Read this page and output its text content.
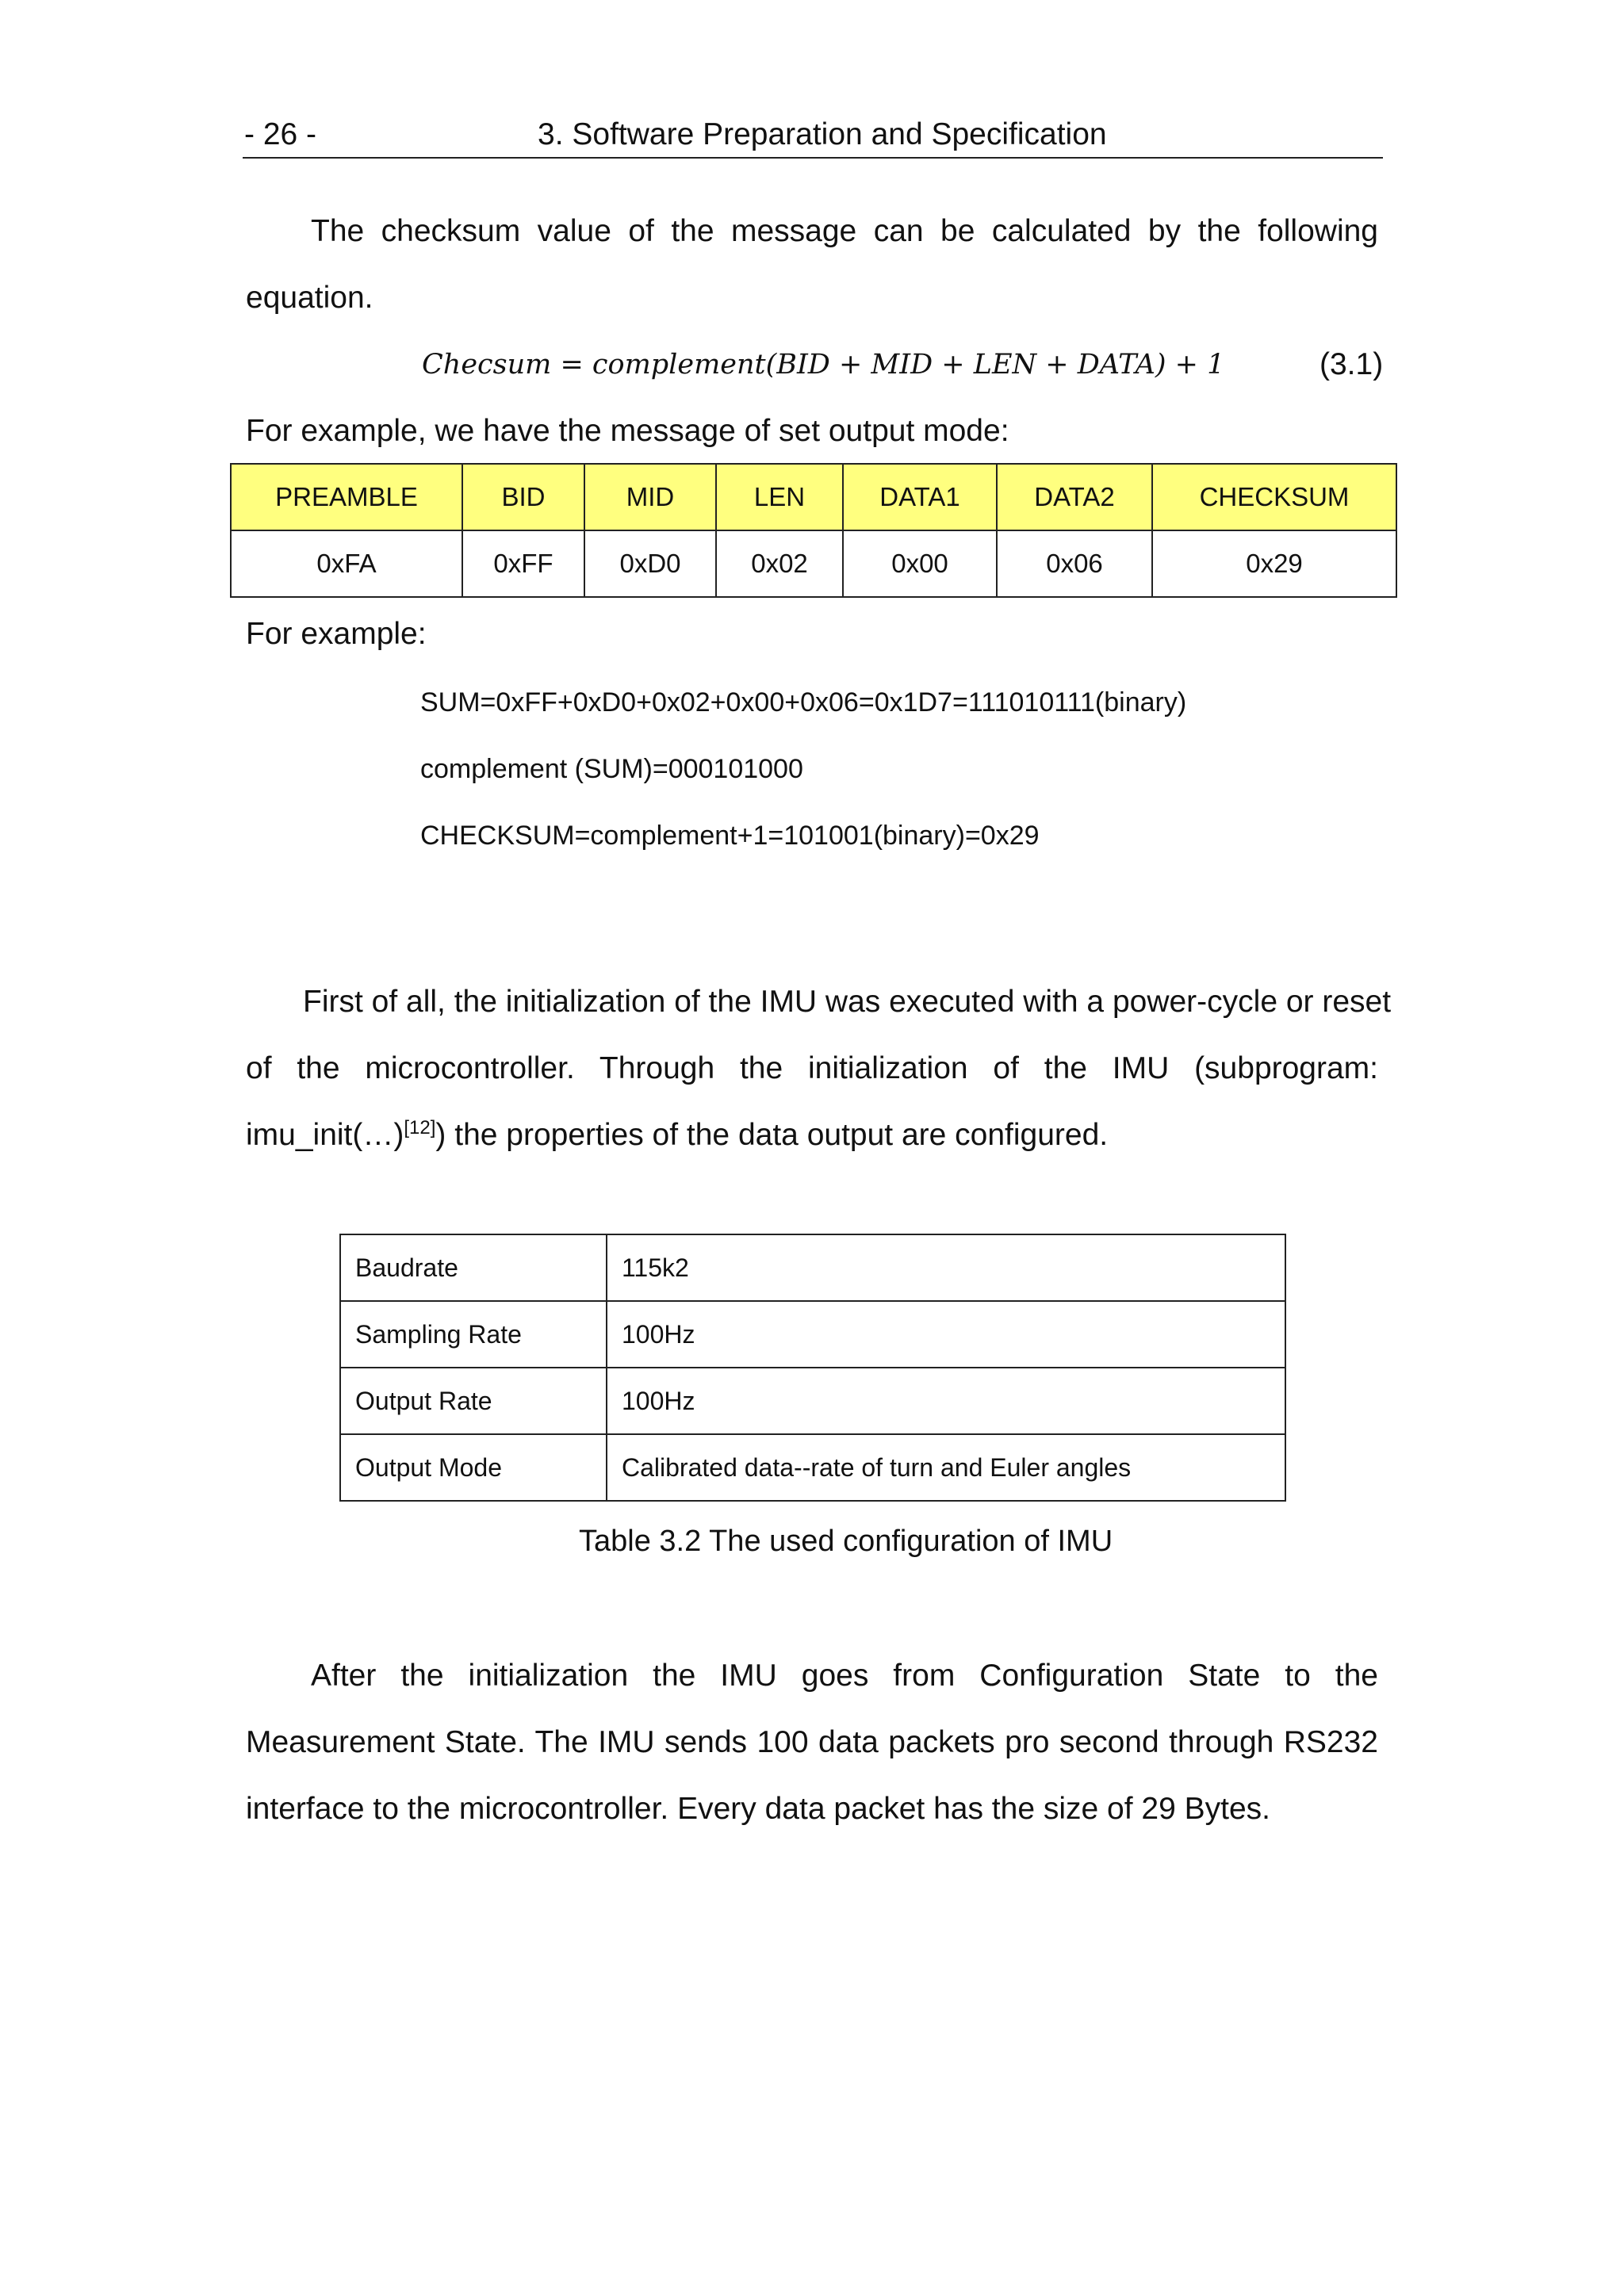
- 26 -	3. Software Preparation and Specification
The checksum value of the message can be calculated by the following
equation.
Checsum = complement(BID + MID + LEN + DATA) + 1	(3.1)
For example, we have the message of set output mode:
PREAMBLE	BID	MID	LEN	DATA1	DATA2	CHECKSUM
0xFA	0xFF	0xD0	0x02	0x00	0x06	0x29
For example:
SUM=0xFF+0xD0+0x02+0x00+0x06=0x1D7=111010111(binary)
complement (SUM)=000101000
CHECKSUM=complement+1=101001(binary)=0x29
First of all, the initialization of the IMU was executed with a power-cycle or reset
of the microcontroller. Through the initialization of the IMU (subprogram:
imu_init(…)[12]) the properties of the data output are configured.
Baudrate	115k2
Sampling Rate	100Hz
Output Rate	100Hz
Output Mode	Calibrated data--rate of turn and Euler angles
Table 3.2 The used configuration of IMU
After the initialization the IMU goes from Configuration State to the
Measurement State. The IMU sends 100 data packets pro second through RS232
interface to the microcontroller. Every data packet has the size of 29 Bytes.
